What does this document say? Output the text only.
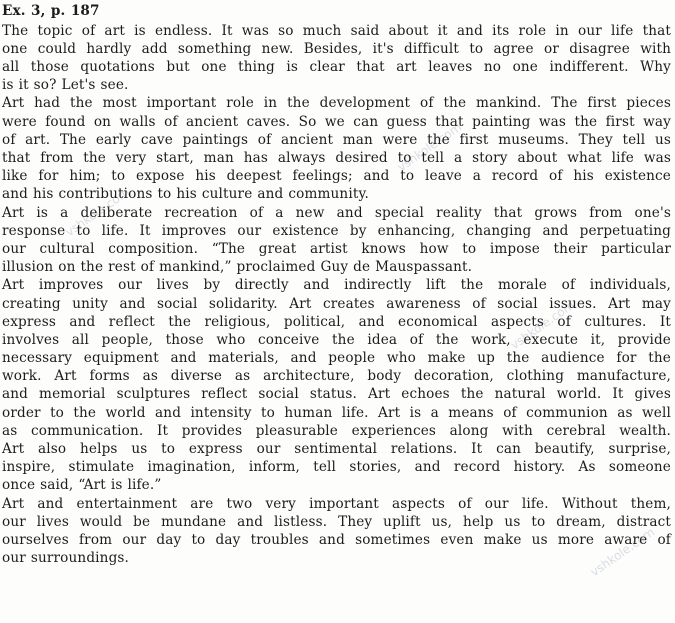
vshkole.com
vshkole.com
vshkole.com
vshkole.com
Ex. 3, p. 187
The topic of art is endless. It was so much said about it and its role in our life that
one could hardly add something new. Besides, it's difficult to agree or disagree with
all those quotations but one thing is clear that art leaves no one indifferent. Why
is it so? Let's see.
Art had the most important role in the development of the mankind. The first pieces
were found on walls of ancient caves. So we can guess that painting was the first way
of art. The early cave paintings of ancient man were the first museums. They tell us
that from the very start, man has always desired to tell a story about what life was
like for him; to expose his deepest feelings; and to leave a record of his existence
and his contributions to his culture and community.
Art is a deliberate recreation of a new and special reality that grows from one's
response to life. It improves our existence by enhancing, changing and perpetuating
our cultural composition. “The great artist knows how to impose their particular
illusion on the rest of mankind,” proclaimed Guy de Mauspassant.
Art improves our lives by directly and indirectly lift the morale of individuals,
creating unity and social solidarity. Art creates awareness of social issues. Art may
express and reflect the religious, political, and economical aspects of cultures. It
involves all people, those who conceive the idea of the work, execute it, provide
necessary equipment and materials, and people who make up the audience for the
work. Art forms as diverse as architecture, body decoration, clothing manufacture,
and memorial sculptures reflect social status. Art echoes the natural world. It gives
order to the world and intensity to human life. Art is a means of communion as well
as communication. It provides pleasurable experiences along with cerebral wealth.
Art also helps us to express our sentimental relations. It can beautify, surprise,
inspire, stimulate imagination, inform, tell stories, and record history. As someone
once said, “Art is life.”
Art and entertainment are two very important aspects of our life. Without them,
our lives would be mundane and listless. They uplift us, help us to dream, distract
ourselves from our day to day troubles and sometimes even make us more aware of
our surroundings.
